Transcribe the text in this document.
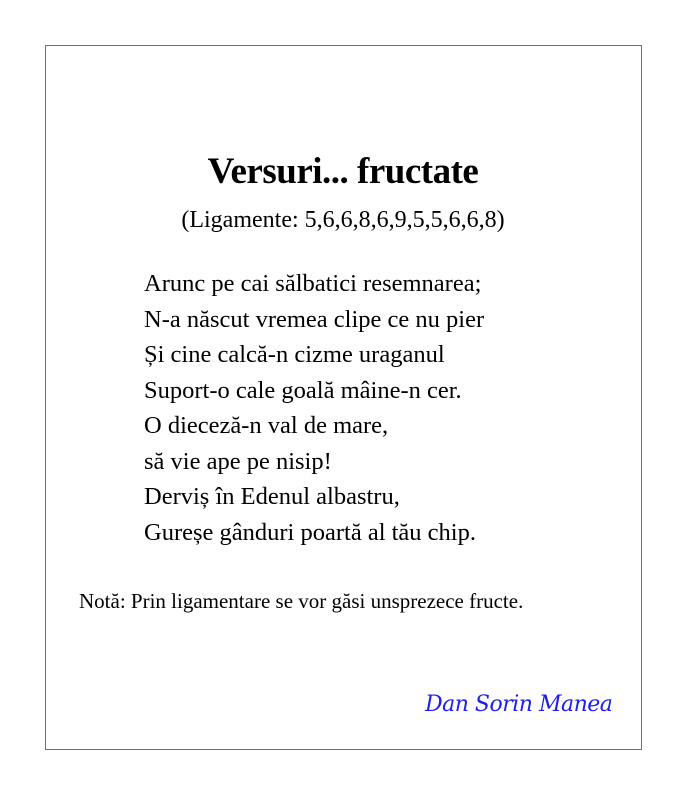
Versuri... fructate
(Ligamente: 5,6,6,8,6,9,5,5,6,6,8)
Arunc pe cai sălbatici resemnarea;
N-a născut vremea clipe ce nu pier
Și cine calcă-n cizme uraganul
Suport-o cale goală mâine-n cer.
O dieceză-n val de mare,
să vie ape pe nisip!
Derviș în Edenul albastru,
Gureșe gânduri poartă al tău chip.
Notă: Prin ligamentare se vor găsi unsprezece fructe.
Dan Sorin Manea
